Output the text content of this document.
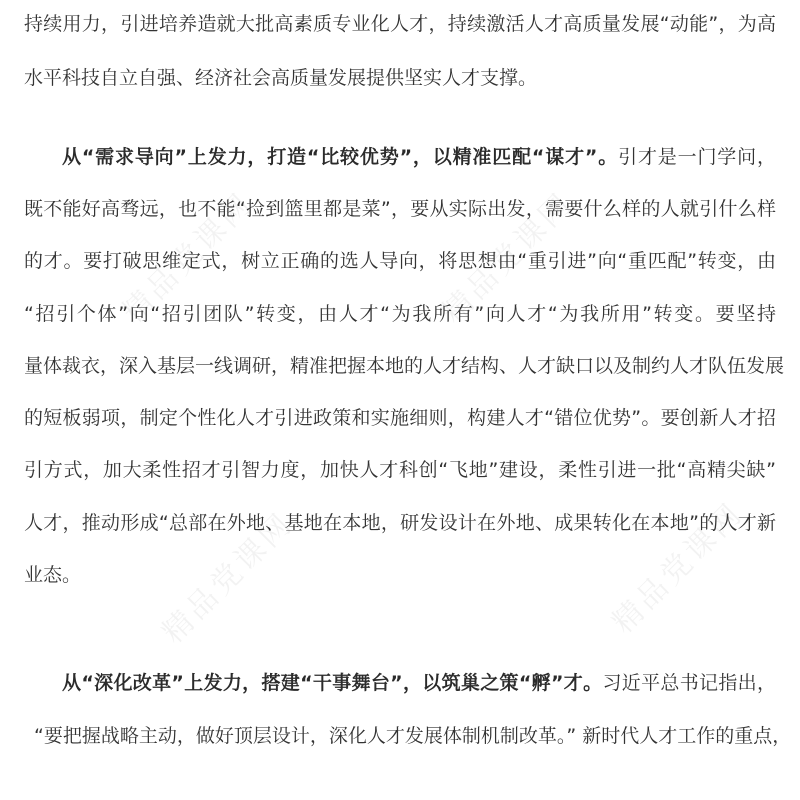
精品党课网	精品党课网
精品党课网	精品党课网
持续用力，引进培养造就大批高素质专业化人才，持续激活人才高质量发展“动能”，为高
水平科技自立自强、经济社会高质量发展提供坚实人才支撑。
从“需求导向”上发力，打造“比较优势”，以精准匹配“谋才”。引才是一门学问，
既不能好高骛远，也不能“捡到篮里都是菜”，要从实际出发，需要什么样的人就引什么样
的才。要打破思维定式，树立正确的选人导向，将思想由“重引进”向“重匹配”转变，由
“招引个体”向“招引团队”转变，由人才“为我所有”向人才“为我所用”转变。要坚持
量体裁衣，深入基层一线调研，精准把握本地的人才结构、人才缺口以及制约人才队伍发展
的短板弱项，制定个性化人才引进政策和实施细则，构建人才“错位优势”。要创新人才招
引方式，加大柔性招才引智力度，加快人才科创“飞地”建设，柔性引进一批“高精尖缺”
人才，推动形成“总部在外地、基地在本地，研发设计在外地、成果转化在本地”的人才新
业态。
从“深化改革”上发力，搭建“干事舞台”，以筑巢之策“孵”才。习近平总书记指出，
“要把握战略主动，做好顶层设计，深化人才发展体制机制改革。” 新时代人才工作的重点，
